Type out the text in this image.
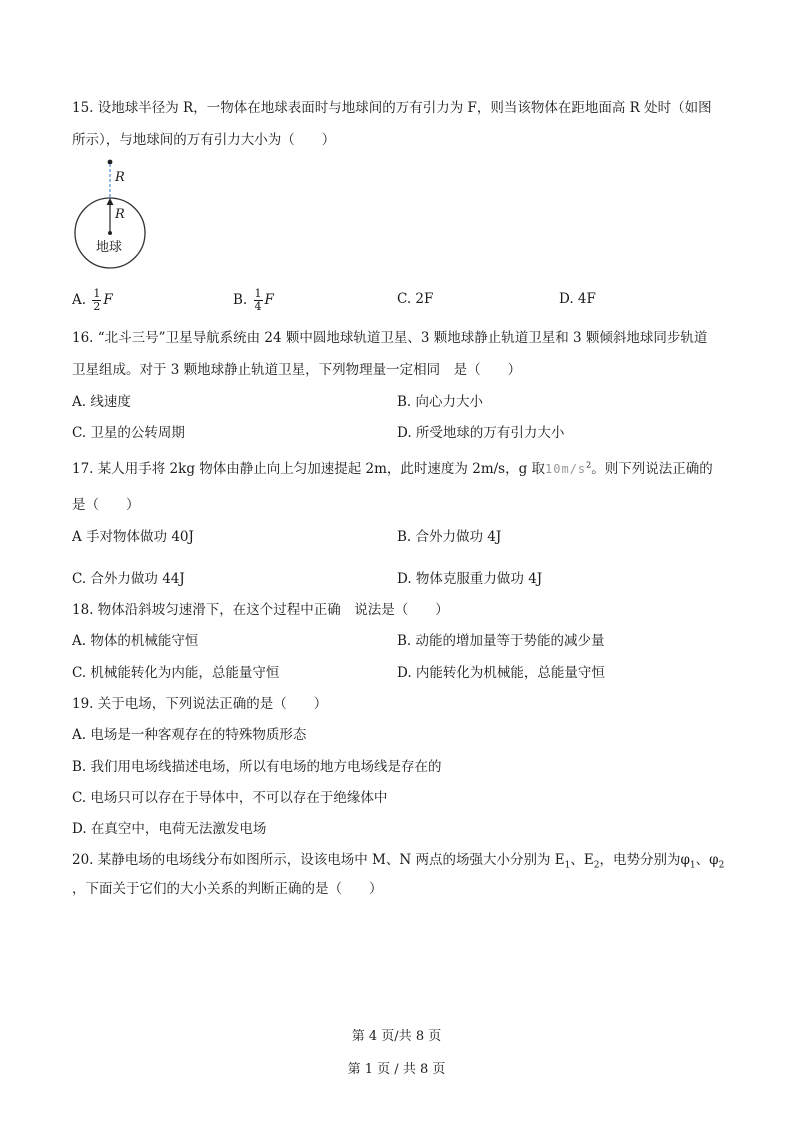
15. 设地球半径为 R，一物体在地球表面时与地球间的万有引力为 F，则当该物体在距地面高 R 处时（如图
所示），与地球间的万有引力大小为（　　）
R
R
地球
A. $\frac{1}{2}$ F	B. $\frac{1}{4}$ F	C. 2F	D. 4F
16. “北斗三号”卫星导航系统由 24 颗中圆地球轨道卫星、3 颗地球静止轨道卫星和 3 颗倾斜地球同步轨道
卫星组成。对于 3 颗地球静止轨道卫星，下列物理量一定相同　是（　　）
A. 线速度	B. 向心力大小
C. 卫星的公转周期	D. 所受地球的万有引力大小
17. 某人用手将 2kg 物体由静止向上匀加速提起 2m，此时速度为 2m/s，g 取$10m/s^2$。则下列说法正确的
是（　　）
A 手对物体做功 40J	B. 合外力做功 4J
C. 合外力做功 44J	D. 物体克服重力做功 4J
18. 物体沿斜坡匀速滑下，在这个过程中正确　说法是（　　）
A. 物体的机械能守恒	B. 动能的增加量等于势能的减少量
C. 机械能转化为内能，总能量守恒	D. 内能转化为机械能，总能量守恒
19. 关于电场，下列说法正确的是（　　）
A. 电场是一种客观存在的特殊物质形态
B. 我们用电场线描述电场，所以有电场的地方电场线是存在的
C. 电场只可以存在于导体中，不可以存在于绝缘体中
D. 在真空中，电荷无法激发电场
20. 某静电场的电场线分布如图所示，设该电场中 M、N 两点的场强大小分别为 $E_1$、$E_2$，电势分别为$\varphi_1$、$\varphi_2$
，下面关于它们的大小关系的判断正确的是（　　）
第 4 页/共 8 页
第 1 页 / 共 8 页
